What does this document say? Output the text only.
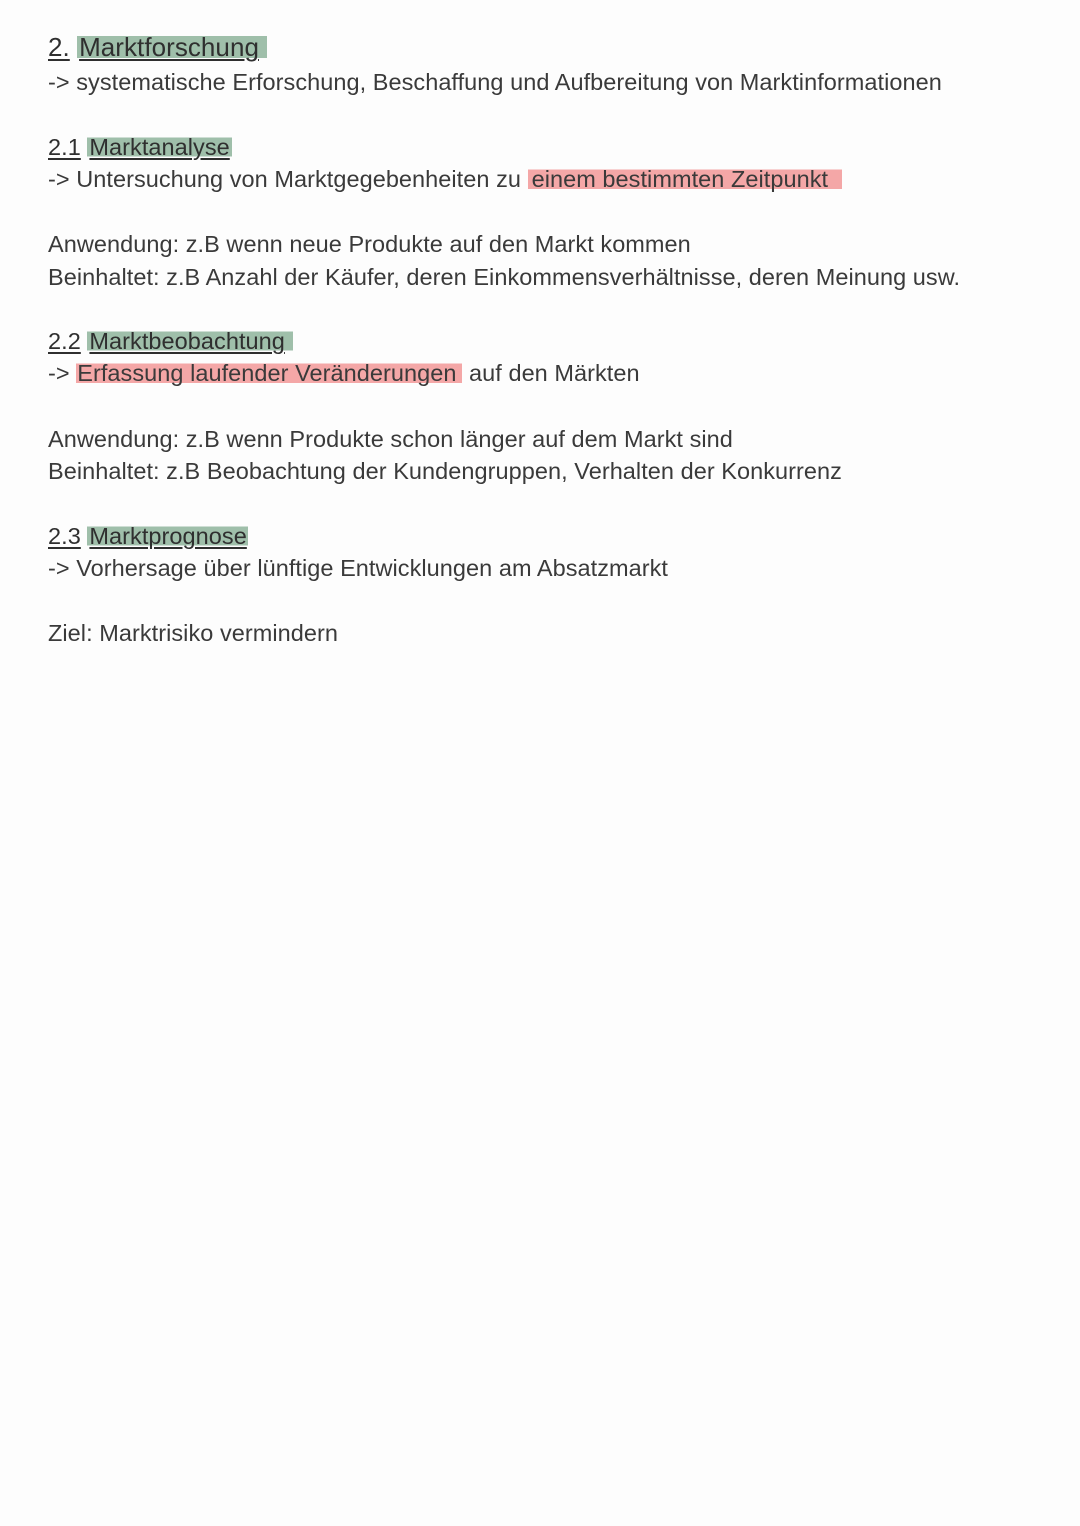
2. Marktforschung
-> systematische Erforschung, Beschaffung und Aufbereitung von Marktinformationen
2.1 Marktanalyse
-> Untersuchung von Marktgegebenheiten zu einem bestimmten Zeitpunkt
Anwendung: z.B wenn neue Produkte auf den Markt kommen
Beinhaltet: z.B Anzahl der Käufer, deren Einkommensverhältnisse, deren Meinung usw.
2.2 Marktbeobachtung
-> Erfassung laufender Veränderungen auf den Märkten
Anwendung: z.B wenn Produkte schon länger auf dem Markt sind
Beinhaltet: z.B Beobachtung der Kundengruppen, Verhalten der Konkurrenz
2.3 Marktprognose
-> Vorhersage über lünftige Entwicklungen am Absatzmarkt
Ziel: Marktrisiko vermindern
